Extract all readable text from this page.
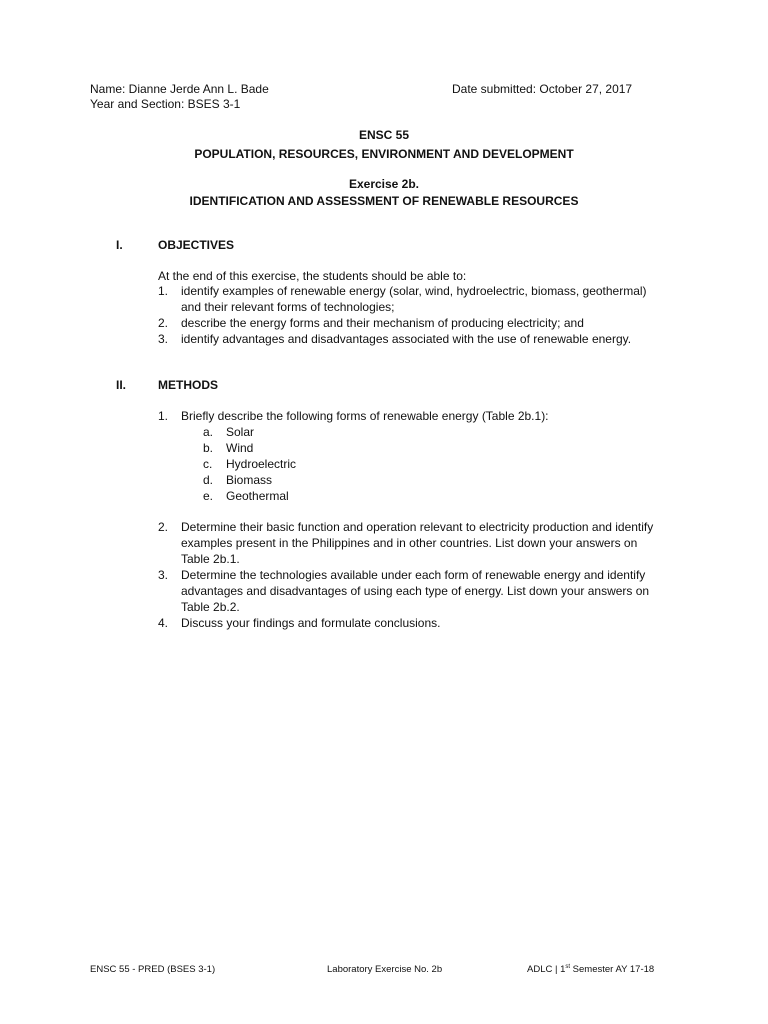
Name: Dianne Jerde Ann L. Bade	Date submitted: October 27, 2017
Year and Section: BSES 3-1
ENSC 55
POPULATION, RESOURCES, ENVIRONMENT AND DEVELOPMENT
Exercise 2b.
IDENTIFICATION AND ASSESSMENT OF RENEWABLE RESOURCES
I.	OBJECTIVES
At the end of this exercise, the students should be able to:
1. identify examples of renewable energy (solar, wind, hydroelectric, biomass, geothermal)
and their relevant forms of technologies;
2. describe the energy forms and their mechanism of producing electricity; and
3. identify advantages and disadvantages associated with the use of renewable energy.
II.	METHODS
1. Briefly describe the following forms of renewable energy (Table 2b.1):
a. Solar
b. Wind
c. Hydroelectric
d. Biomass
e. Geothermal
2. Determine their basic function and operation relevant to electricity production and identify
examples present in the Philippines and in other countries. List down your answers on
Table 2b.1.
3. Determine the technologies available under each form of renewable energy and identify
advantages and disadvantages of using each type of energy. List down your answers on
Table 2b.2.
4. Discuss your findings and formulate conclusions.
ENSC 55 - PRED (BSES 3-1)	Laboratory Exercise No. 2b	ADLC | 1st Semester AY 17-18
